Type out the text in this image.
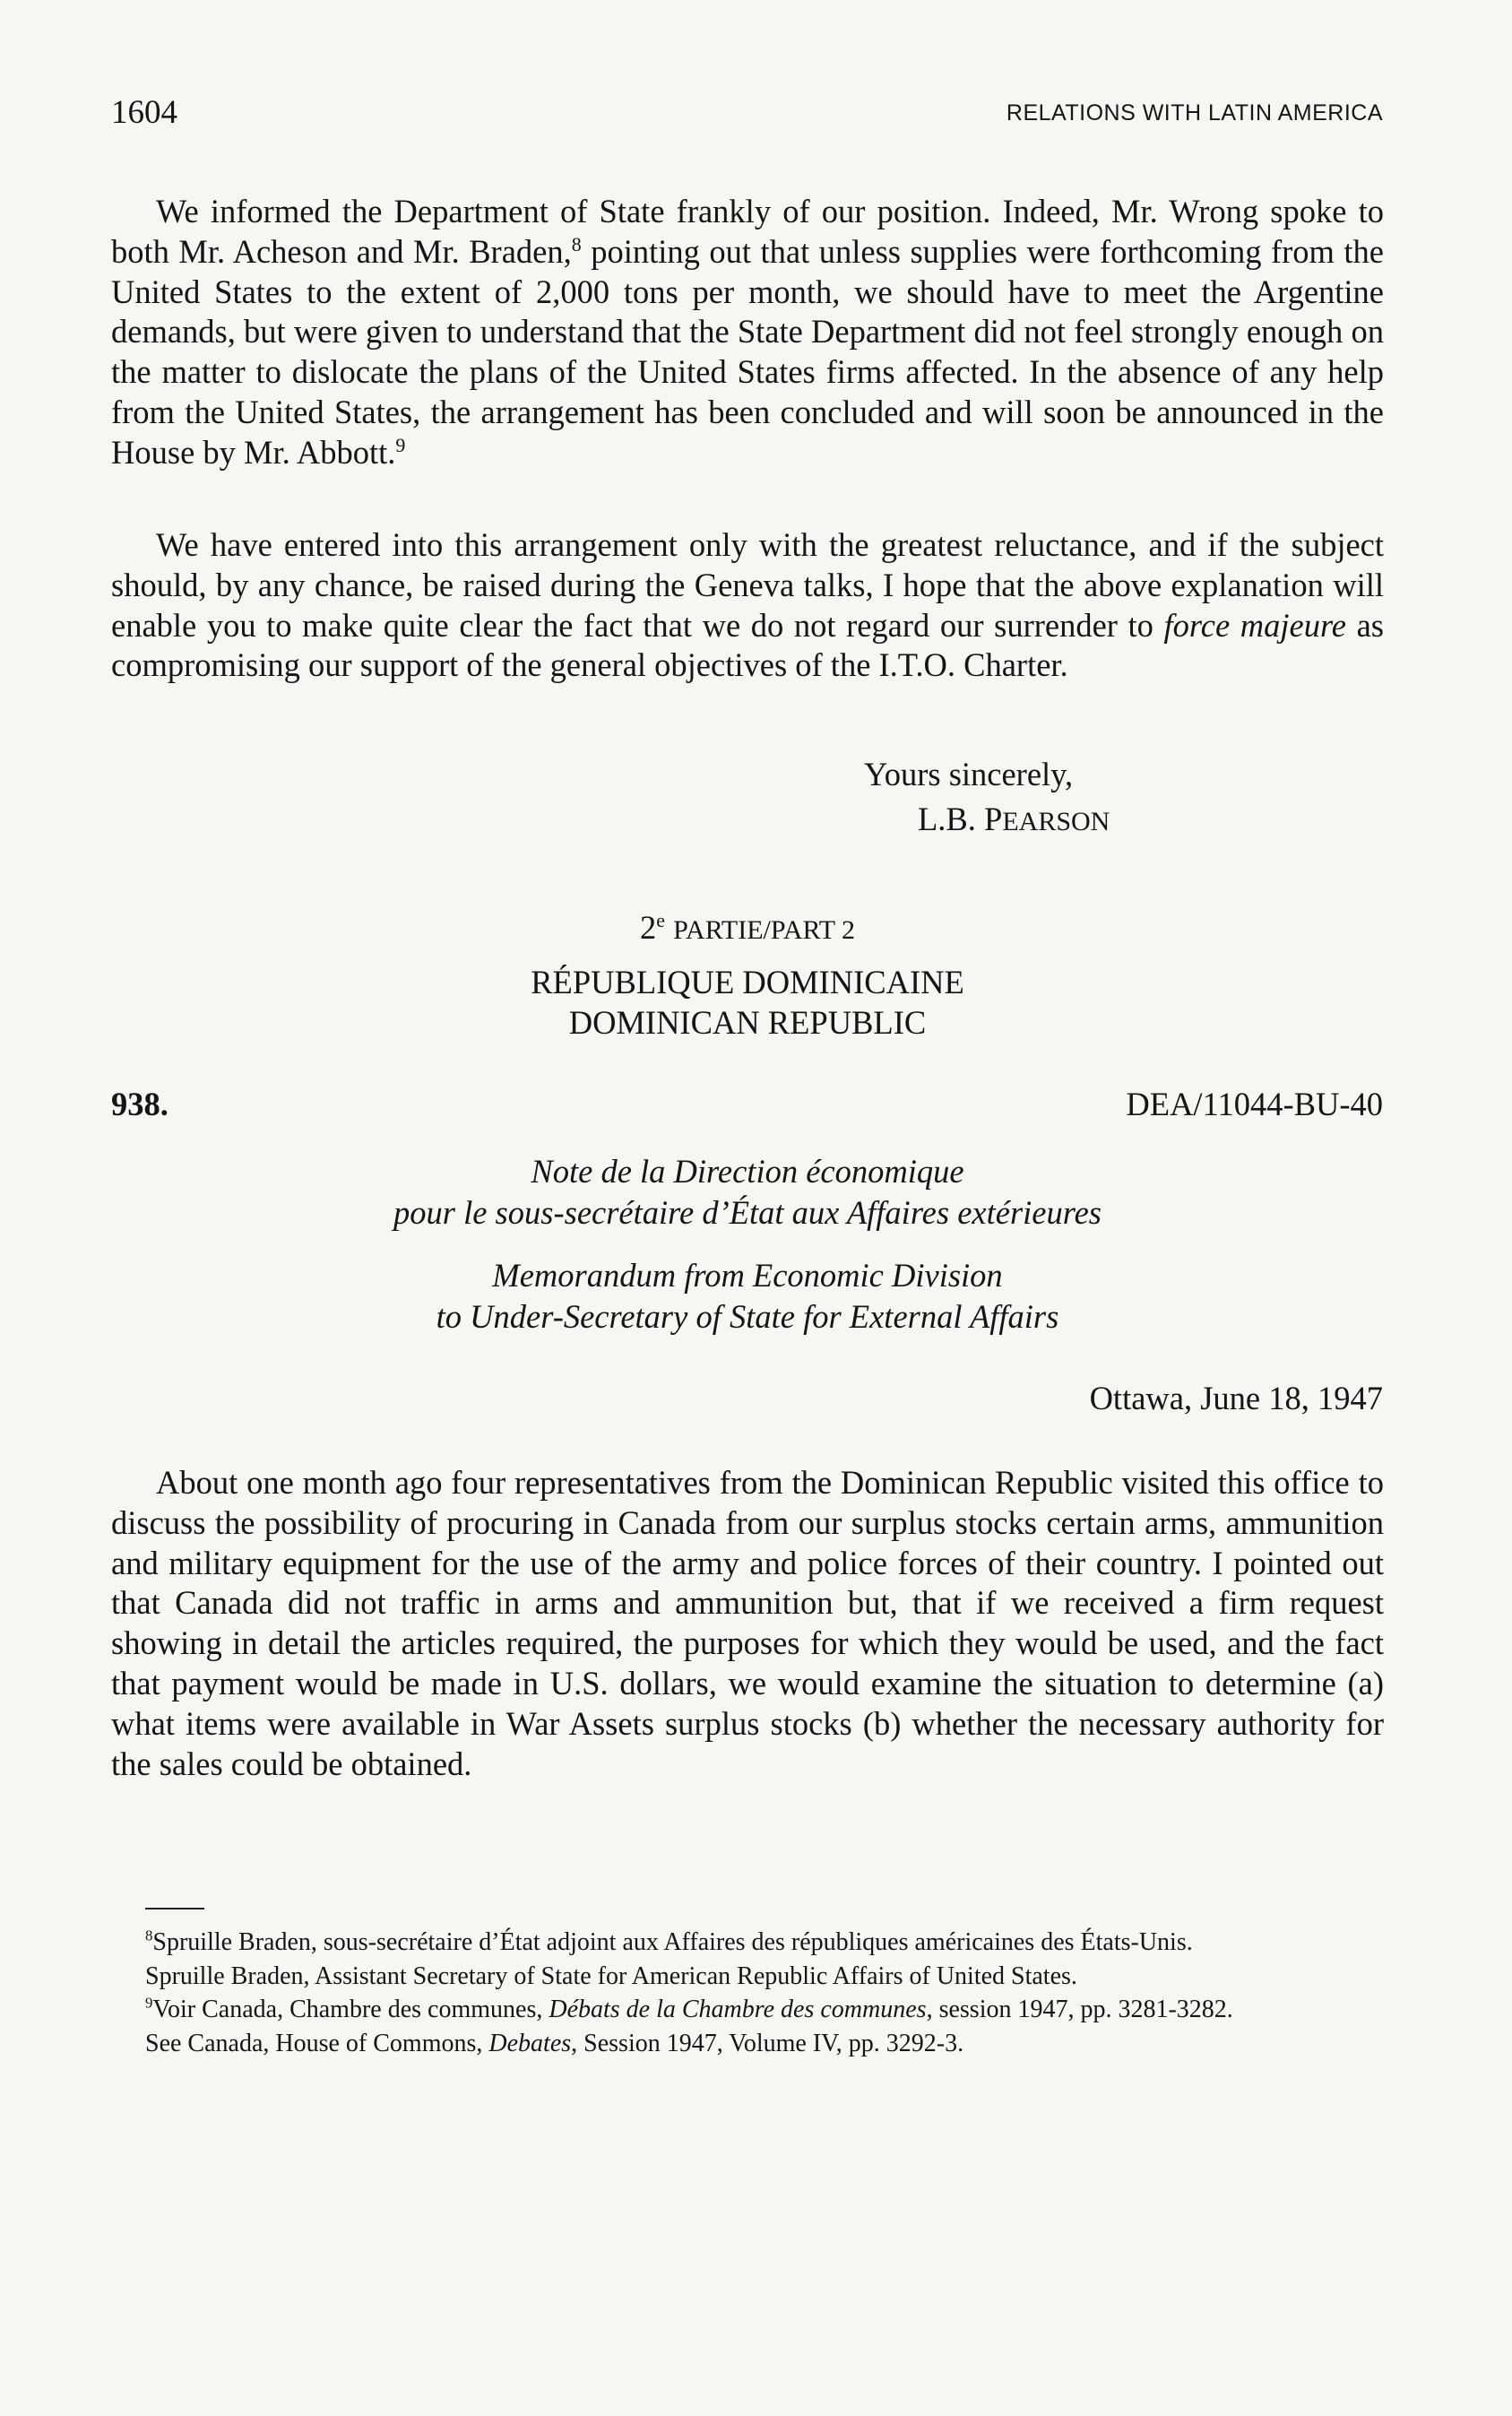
1604	RELATIONS WITH LATIN AMERICA

We informed the Department of State frankly of our position. Indeed, Mr. Wrong spoke to both Mr. Acheson and Mr. Braden,$^8$ pointing out that unless supplies were forthcoming from the United States to the extent of 2,000 tons per month, we should have to meet the Argentine demands, but were given to understand that the State Department did not feel strongly enough on the matter to dislocate the plans of the United States firms affected. In the absence of any help from the United States, the arrangement has been concluded and will soon be announced in the House by Mr. Abbott.$^9$

We have entered into this arrangement only with the greatest reluctance, and if the subject should, by any chance, be raised during the Geneva talks, I hope that the above explanation will enable you to make quite clear the fact that we do not regard our surrender to force majeure as compromising our support of the general objectives of the I.T.O. Charter.

Yours sincerely,
L.B. PEARSON
2e PARTIE/PART 2
RÉPUBLIQUE DOMINICAINE
DOMINICAN REPUBLIC
938.	DEA/11044-BU-40
Note de la Direction économique
pour le sous-secrétaire d’État aux Affaires extérieures
Memorandum from Economic Division
to Under-Secretary of State for External Affairs
Ottawa, June 18, 1947

About one month ago four representatives from the Dominican Republic visited this office to discuss the possibility of procuring in Canada from our surplus stocks certain arms, ammunition and military equipment for the use of the army and police forces of their country. I pointed out that Canada did not traffic in arms and ammunition but, that if we received a firm request showing in detail the articles required, the purposes for which they would be used, and the fact that payment would be made in U.S. dollars, we would examine the situation to determine (a) what items were available in War Assets surplus stocks (b) whether the necessary authority for the sales could be obtained.

$^8$Spruille Braden, sous-secrétaire d’État adjoint aux Affaires des républiques américaines des États-Unis.

Spruille Braden, Assistant Secretary of State for American Republic Affairs of United States.

$^9$Voir Canada, Chambre des communes, Débats de la Chambre des communes, session 1947, pp. 3281-3282.

See Canada, House of Commons, Debates, Session 1947, Volume IV, pp. 3292-3.
